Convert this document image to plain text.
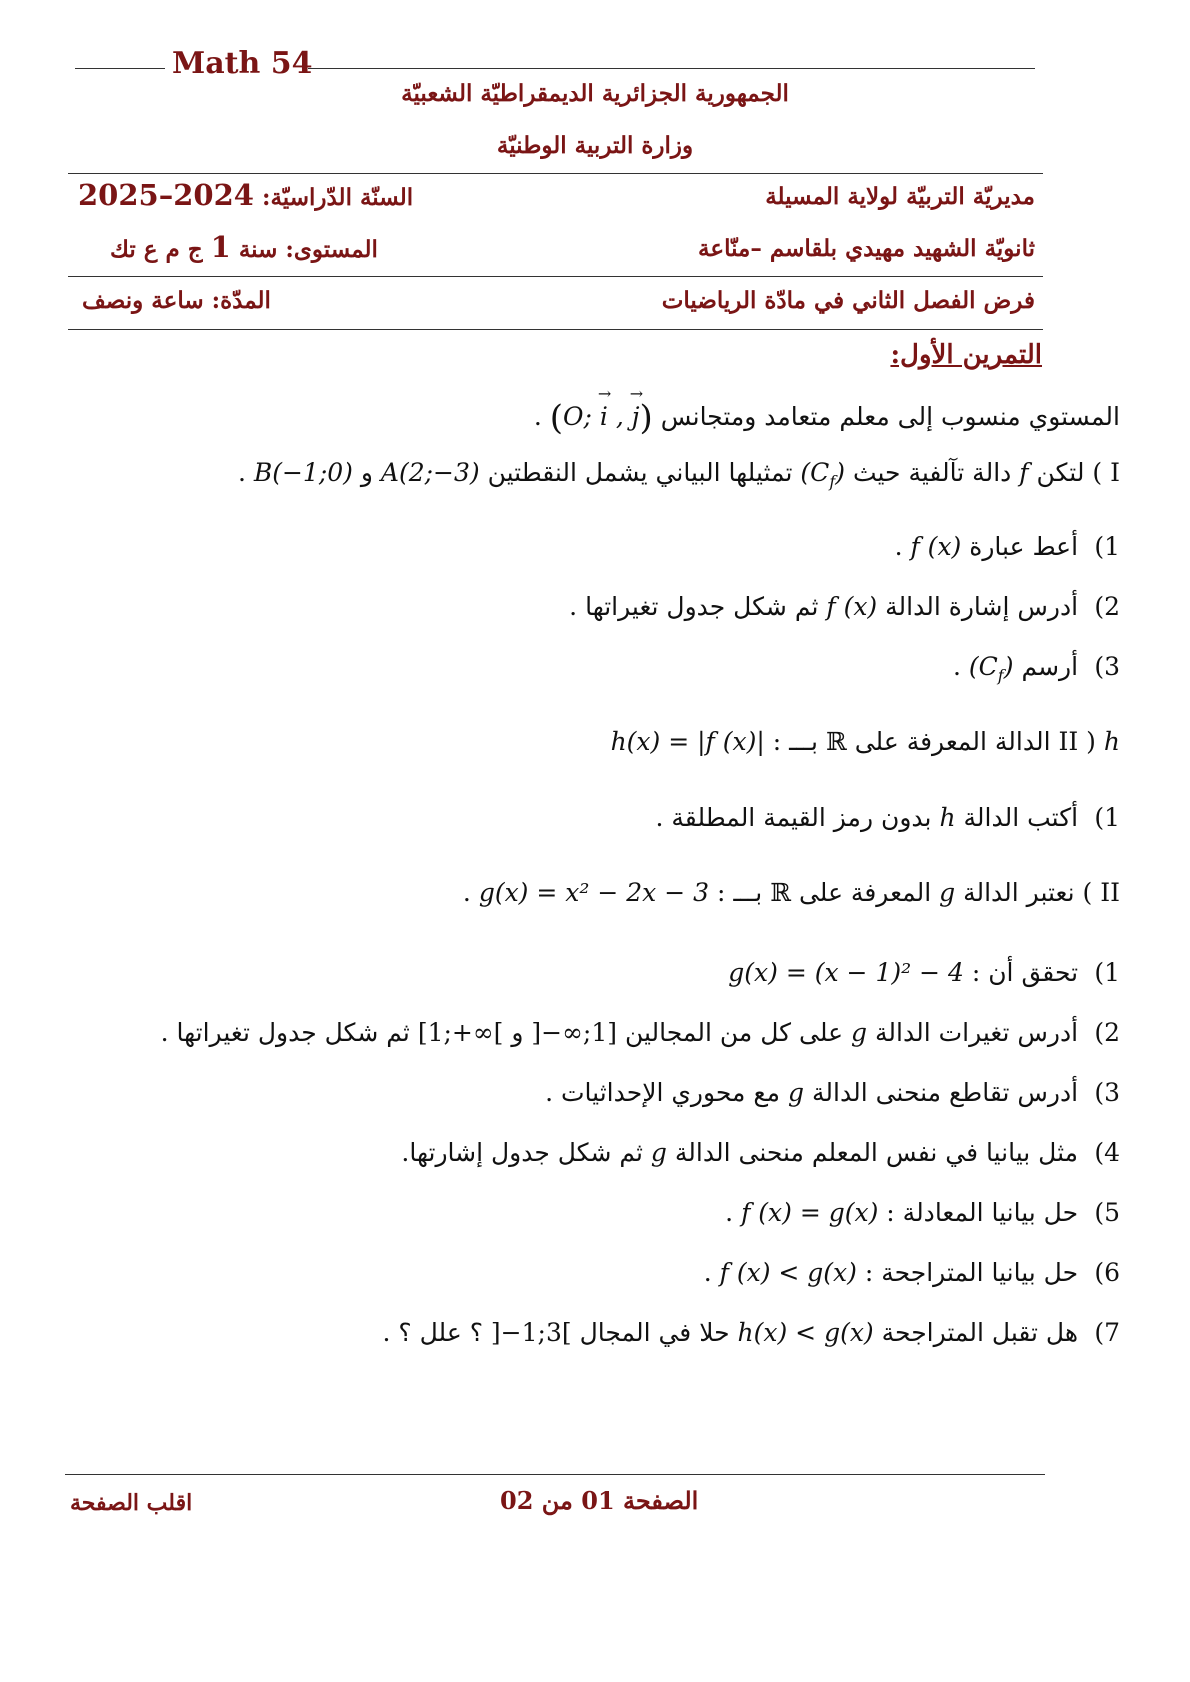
Math 54
الجمهورية الجزائرية الديمقراطيّة الشعبيّة
وزارة التربية الوطنيّة
مديريّة التربيّة لولاية المسيلة
السنّة الدّراسيّة: 2025–2024
ثانويّة الشهيد مهيدي بلقاسم –منّاعة
المستوى: سنة 1 ج م ع تك
فرض الفصل الثاني في مادّة الرياضيات
المدّة: ساعة ونصف
التمرين الأول:
المستوي منسوب إلى معلم متعامد ومتجانس (O; → i , → j) .
I ) لتكن f دالة تآلفية حيث $(C_f)$ تمثيلها البياني يشمل النقطتين A(2;−3) و B(−1;0) .
1) أعط عبارة f (x) .
2) أدرس إشارة الدالة f (x) ثم شكل جدول تغيراتها .
3) أرسم $(C_f)$ .
II ) h الدالة المعرفة على ℝ بـــ : h(x) = |f (x)|
1) أكتب الدالة h بدون رمز القيمة المطلقة .
II ) نعتبر الدالة g المعرفة على ℝ بـــ : g(x) = x² − 2x − 3 .
1) تحقق أن : g(x) = (x − 1)² − 4
2) أدرس تغيرات الدالة g على كل من المجالين ]−∞;1] و [1;+∞[ ثم شكل جدول تغيراتها .
3) أدرس تقاطع منحنى الدالة g مع محوري الإحداثيات .
4) مثل بيانيا في نفس المعلم منحنى الدالة g ثم شكل جدول إشارتها.
5) حل بيانيا المعادلة : f (x) = g(x) .
6) حل بيانيا المتراجحة : f (x) < g(x) .
7) هل تقبل المتراجحة h(x) < g(x) حلا في المجال ]−1;3[ ؟ علل ؟ .
الصفحة 01 من 02
اقلب الصفحة
